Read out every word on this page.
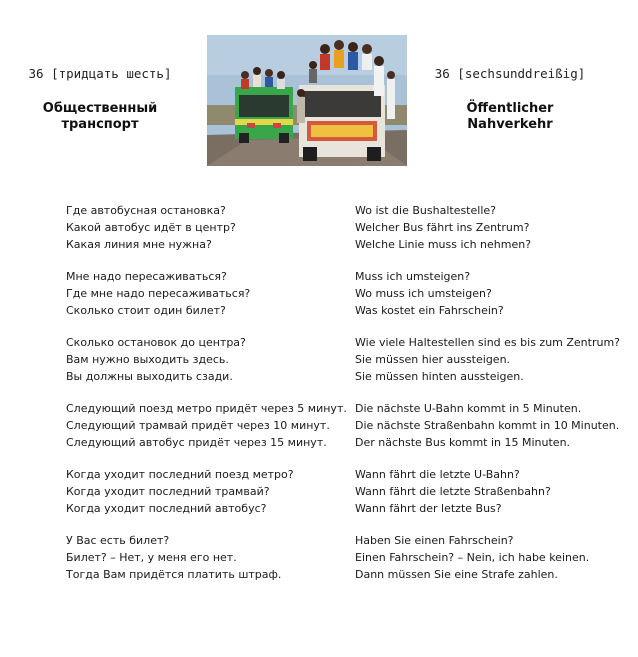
36 [тридцать шесть]
Общественный
транспорт
36 [sechsunddreißig]
Öffentlicher
Nahverkehr
Где автобусная остановка?
Какой автобус идёт в центр?
Какая линия мне нужна?
Мне надо пересаживаться?
Где мне надо пересаживаться?
Сколько стоит один билет?
Сколько остановок до центра?
Вам нужно выходить здесь.
Вы должны выходить сзади.
Следующий поезд метро придёт через 5 минут.
Следующий трамвай придёт через 10 минут.
Следующий автобус придёт через 15 минут.
Когда уходит последний поезд метро?
Когда уходит последний трамвай?
Когда уходит последний автобус?
У Вас есть билет?
Билет? – Нет, у меня его нет.
Тогда Вам придётся платить штраф.
Wo ist die Bushaltestelle?
Welcher Bus fährt ins Zentrum?
Welche Linie muss ich nehmen?
Muss ich umsteigen?
Wo muss ich umsteigen?
Was kostet ein Fahrschein?
Wie viele Haltestellen sind es bis zum Zentrum?
Sie müssen hier aussteigen.
Sie müssen hinten aussteigen.
Die nächste U-Bahn kommt in 5 Minuten.
Die nächste Straßenbahn kommt in 10 Minuten.
Der nächste Bus kommt in 15 Minuten.
Wann fährt die letzte U-Bahn?
Wann fährt die letzte Straßenbahn?
Wann fährt der letzte Bus?
Haben Sie einen Fahrschein?
Einen Fahrschein? – Nein, ich habe keinen.
Dann müssen Sie eine Strafe zahlen.
